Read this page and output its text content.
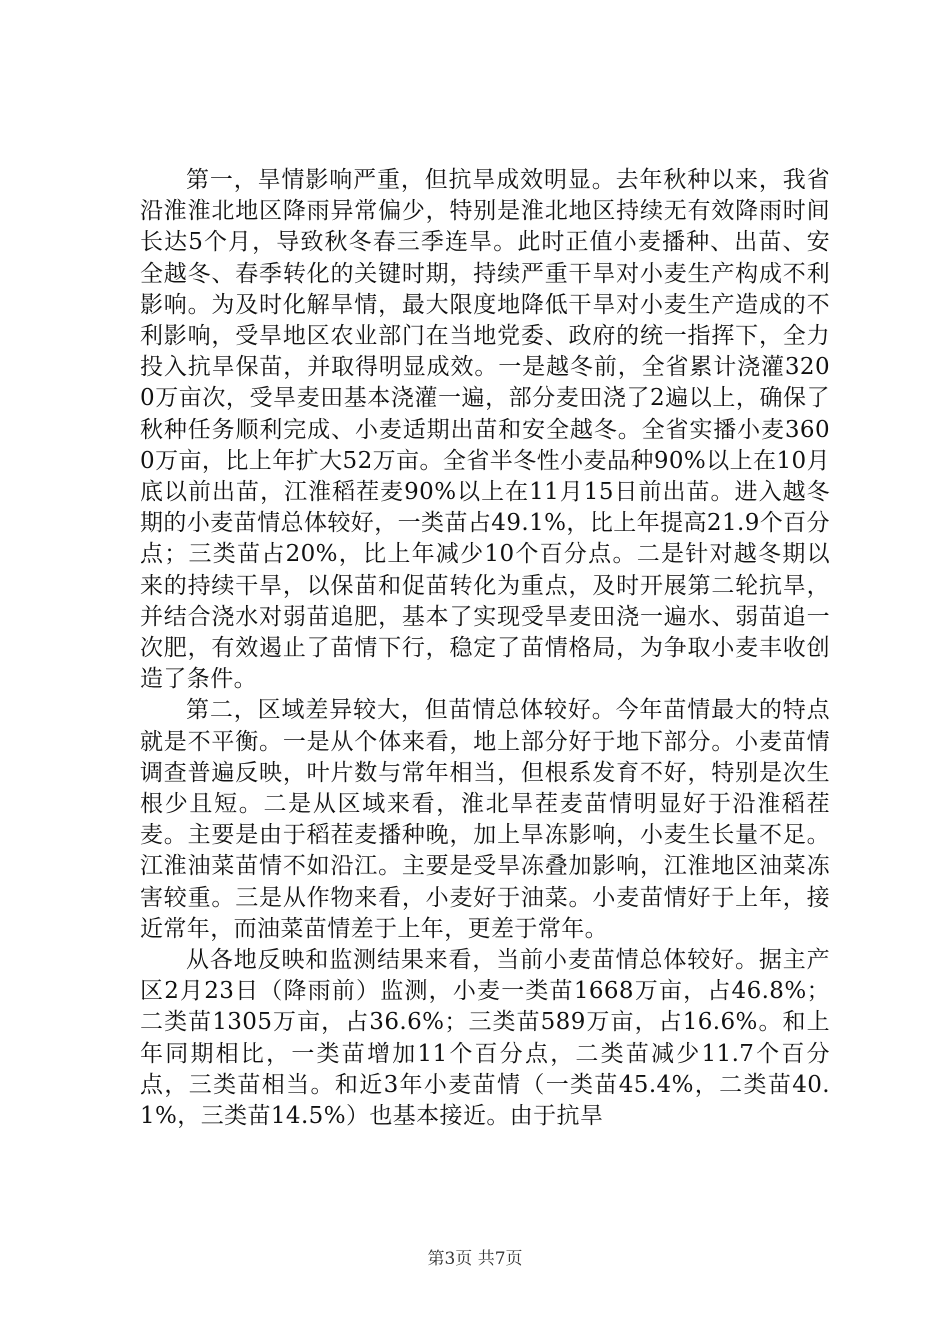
第一，旱情影响严重，但抗旱成效明显。去年秋种以来，我省沿淮淮北地区降雨异常偏少，特别是淮北地区持续无有效降雨时间长达5个月，导致秋冬春三季连旱。此时正值小麦播种、出苗、安全越冬、春季转化的关键时期，持续严重干旱对小麦生产构成不利影响。为及时化解旱情，最大限度地降低干旱对小麦生产造成的不利影响，受旱地区农业部门在当地党委、政府的统一指挥下，全力投入抗旱保苗，并取得明显成效。一是越冬前，全省累计浇灌3200万亩次，受旱麦田基本浇灌一遍，部分麦田浇了2遍以上，确保了秋种任务顺利完成、小麦适期出苗和安全越冬。全省实播小麦3600万亩，比上年扩大52万亩。全省半冬性小麦品种90%以上在10月底以前出苗，江淮稻茬麦90%以上在11月15日前出苗。进入越冬期的小麦苗情总体较好，一类苗占49.1%，比上年提高21.9个百分点；三类苗占20%，比上年减少10个百分点。二是针对越冬期以来的持续干旱，以保苗和促苗转化为重点，及时开展第二轮抗旱，并结合浇水对弱苗追肥，基本了实现受旱麦田浇一遍水、弱苗追一次肥，有效遏止了苗情下行，稳定了苗情格局，为争取小麦丰收创造了条件。

第二，区域差异较大，但苗情总体较好。今年苗情最大的特点就是不平衡。一是从个体来看，地上部分好于地下部分。小麦苗情调查普遍反映，叶片数与常年相当，但根系发育不好，特别是次生根少且短。二是从区域来看，淮北旱茬麦苗情明显好于沿淮稻茬麦。主要是由于稻茬麦播种晚，加上旱冻影响，小麦生长量不足。江淮油菜苗情不如沿江。主要是受旱冻叠加影响，江淮地区油菜冻害较重。三是从作物来看，小麦好于油菜。小麦苗情好于上年，接近常年，而油菜苗情差于上年，更差于常年。

从各地反映和监测结果来看，当前小麦苗情总体较好。据主产区2月23日（降雨前）监测，小麦一类苗1668万亩，占46.8%；二类苗1305万亩，占36.6%；三类苗589万亩，占16.6%。和上年同期相比，一类苗增加11个百分点，二类苗减少11.7个百分点，三类苗相当。和近3年小麦苗情（一类苗45.4%，二类苗40.1%，三类苗14.5%）也基本接近。由于抗旱

第3页 共7页
